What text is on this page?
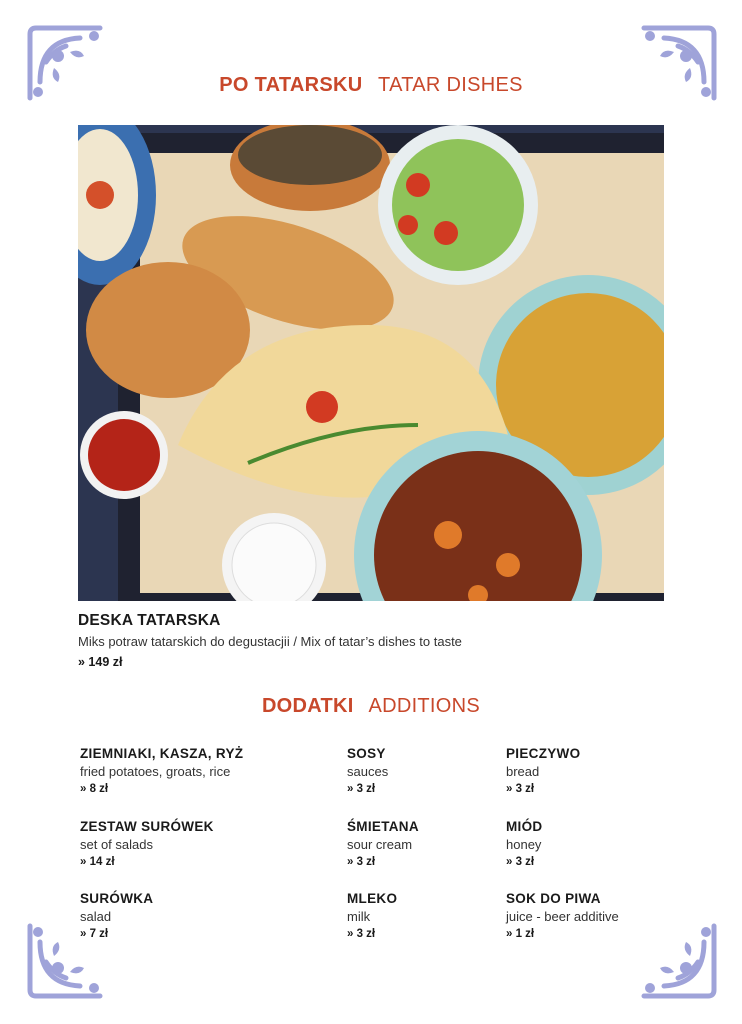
PO TATARSKU TATAR DISHES
DESKA TATARSKA
Miks potraw tatarskich do degustacjii / Mix of tatar’s dishes to taste
» 149 zł
DODATKI ADDITIONS
ZIEMNIAKI, KASZA, RYŻ
fried potatoes, groats, rice
» 8 zł
SOSY
sauces
» 3 zł
PIECZYWO
bread
» 3 zł
ZESTAW SURÓWEK
set of salads
» 14 zł
ŚMIETANA
sour cream
» 3 zł
MIÓD
honey
» 3 zł
SURÓWKA
salad
» 7 zł
MLEKO
milk
» 3 zł
SOK DO PIWA
juice - beer additive
» 1 zł
